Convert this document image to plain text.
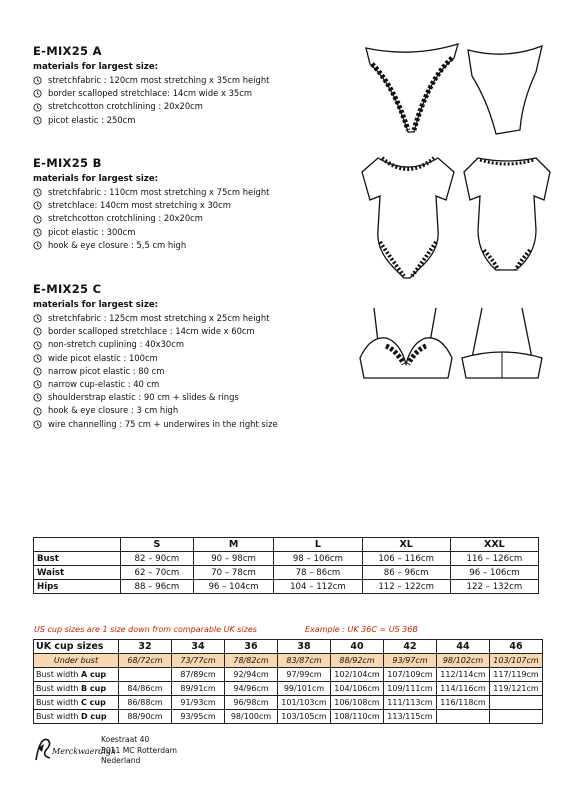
E-MIX25 A
materials for largest size:
stretchfabric : 120cm most stretching x 35cm height
border scalloped stretchlace: 14cm wide x 35cm
stretchcotton crotchlining : 20x20cm
picot elastic : 250cm
E-MIX25 B
materials for largest size:
stretchfabric : 110cm most stretching x 75cm height
stretchlace: 140cm most stretching x 30cm
stretchcotton crotchlining : 20x20cm
picot elastic : 300cm
hook & eye closure : 5,5 cm high
E-MIX25 C
materials for largest size:
stretchfabric : 125cm most stretching x 25cm height
border scalloped stretchlace : 14cm wide x 60cm
non-stretch cuplining : 40x30cm
wide picot elastic : 100cm
narrow picot elastic : 80 cm
narrow cup-elastic : 40 cm
shoulderstrap elastic : 90 cm + slides & rings
hook & eye closure : 3 cm high
wire channelling : 75 cm + underwires in the right size
	S	M	L	XL	XXL
Bust	82 – 90cm	90 – 98cm	98 – 106cm	106 – 116cm	116 – 126cm
Waist	62 – 70cm	70 – 78cm	78 – 86cm	86 – 96cm	96 – 106cm
Hips	88 – 96cm	96 – 104cm	104 – 112cm	112 – 122cm	122 – 132cm
US cup sizes are 1 size down from comparable UK sizes	Example : UK 36C = US 36B
UK cup sizes	32	34	36	38	40	42	44	46
Under bust	68/72cm	73/77cm	78/82cm	83/87cm	88/92cm	93/97cm	98/102cm	103/107cm
Bust width A cup		87/89cm	92/94cm	97/99cm	102/104cm	107/109cm	112/114cm	117/119cm
Bust width B cup	84/86cm	89/91cm	94/96cm	99/101cm	104/106cm	109/111cm	114/116cm	119/121cm
Bust width C cup	86/88cm	91/93cm	96/98cm	101/103cm	106/108cm	111/113cm	116/118cm	
Bust width D cup	88/90cm	93/95cm	98/100cm	103/105cm	108/110cm	113/115cm		
Merckwaerdigh
Koestraat 40
3011 MC Rotterdam
Nederland
